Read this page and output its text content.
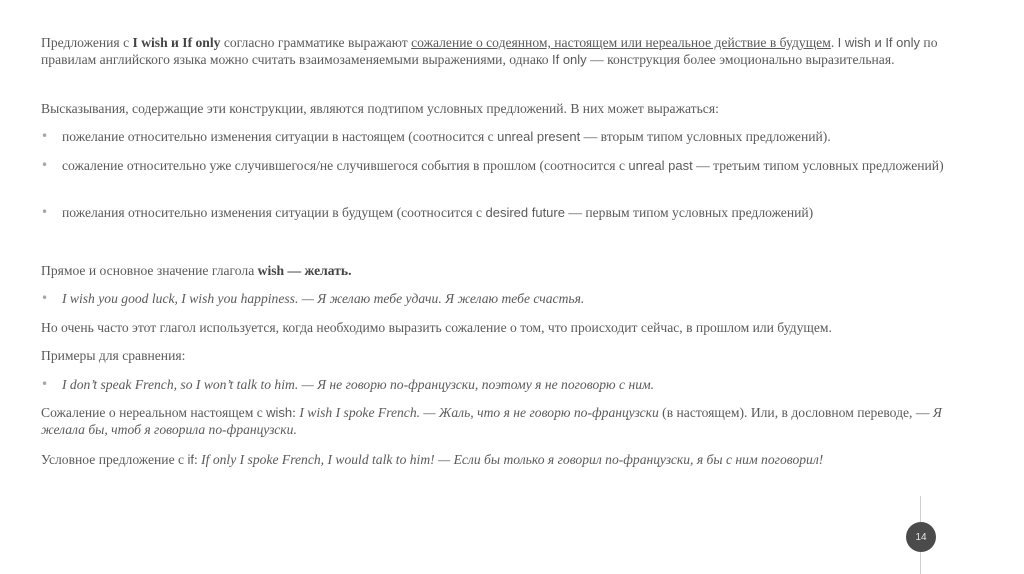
Предложения с I wish и If only согласно грамматике выражают сожаление о содеянном, настоящем или нереальное действие в будущем. I wish и If only по правилам английского языка можно считать взаимозаменяемыми выражениями, однако If only — конструкция более эмоционально выразительная.

Высказывания, содержащие эти конструкции, являются подтипом условных предложений. В них может выражаться:

• пожелание относительно изменения ситуации в настоящем (соотносится с unreal present — вторым типом условных предложений).
• сожаление относительно уже случившегося/не случившегося события в прошлом (соотносится с unreal past — третьим типом условных предложений)
• пожелания относительно изменения ситуации в будущем (соотносится с desired future — первым типом условных предложений)

Прямое и основное значение глагола wish — желать.

• I wish you good luck, I wish you happiness. — Я желаю тебе удачи. Я желаю тебе счастья.

Но очень часто этот глагол используется, когда необходимо выразить сожаление о том, что происходит сейчас, в прошлом или будущем.

Примеры для сравнения:

• I don’t speak French, so I won’t talk to him. — Я не говорю по-французски, поэтому я не поговорю с ним.

Сожаление о нереальном настоящем с wish: I wish I spoke French. — Жаль, что я не говорю по-французски (в настоящем). Или, в дословном переводе, — Я желала бы, чтоб я говорила по-французски.

Условное предложение с if: If only I spoke French, I would talk to him! — Если бы только я говорил по-французски, я бы с ним поговорил!

14
